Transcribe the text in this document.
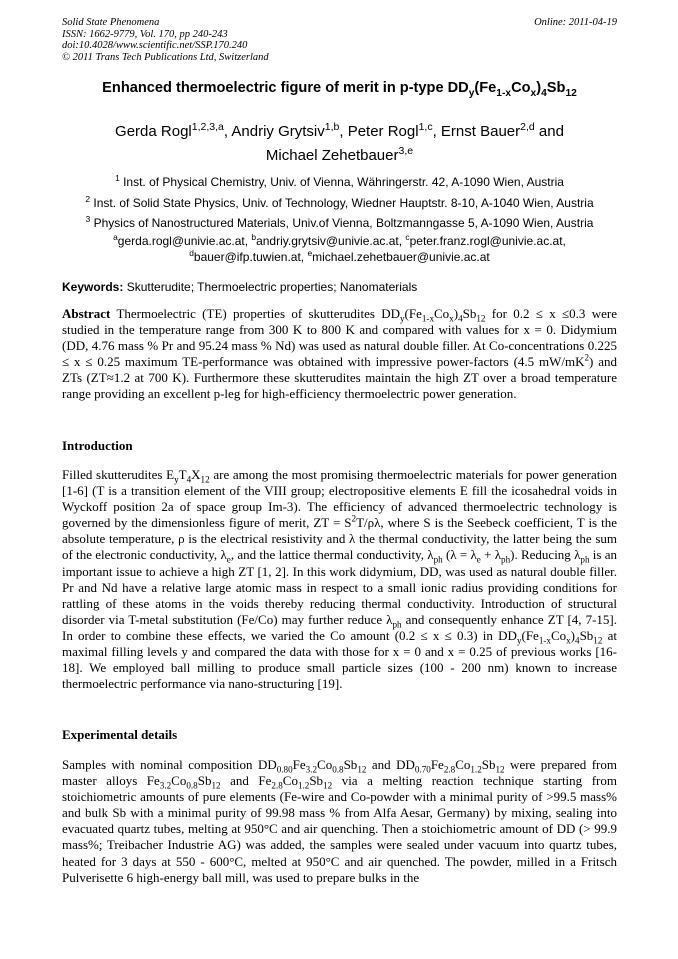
Solid State Phenomena
ISSN: 1662-9779, Vol. 170, pp 240-243
doi:10.4028/www.scientific.net/SSP.170.240
© 2011 Trans Tech Publications Ltd, Switzerland
Online: 2011-04-19
Enhanced thermoelectric figure of merit in p-type $DD_y(Fe_{1-x}Co_x)_4Sb_{12}$
Gerda Rogl$^{1,2,3,a}$, Andriy Grytsiv$^{1,b}$, Peter Rogl$^{1,c}$, Ernst Bauer$^{2,d}$ and
Michael Zehetbauer$^{3,e}$
$^1$ Inst. of Physical Chemistry, Univ. of Vienna, Währingerstr. 42, A-1090 Wien, Austria
$^2$ Inst. of Solid State Physics, Univ. of Technology, Wiedner Hauptstr. 8-10, A-1040 Wien, Austria
$^3$ Physics of Nanostructured Materials, Univ.of Vienna, Boltzmanngasse 5, A-1090 Wien, Austria
$^a$gerda.rogl@univie.ac.at, $^b$andriy.grytsiv@univie.ac.at, $^c$peter.franz.rogl@univie.ac.at,
$^d$bauer@ifp.tuwien.at, $^e$michael.zehetbauer@univie.ac.at
Keywords: Skutterudite; Thermoelectric properties; Nanomaterials
Abstract Thermoelectric (TE) properties of skutterudites $DD_y(Fe_{1-x}Co_x)_4Sb_{12}$ for 0.2 ≤ x ≤0.3 were studied in the temperature range from 300 K to 800 K and compared with values for x = 0. Didymium (DD, 4.76 mass % Pr and 95.24 mass % Nd) was used as natural double filler. At Co-concentrations 0.225 ≤ x ≤ 0.25 maximum TE-performance was obtained with impressive power-factors (4.5 $mW/mK^2$) and ZTs (ZT≈1.2 at 700 K). Furthermore these skutterudites maintain the high ZT over a broad temperature range providing an excellent p-leg for high-efficiency thermoelectric power generation.
Introduction
Filled skutterudites $E_yT_4X_{12}$ are among the most promising thermoelectric materials for power generation [1-6] (T is a transition element of the VIII group; electropositive elements E fill the icosahedral voids in Wyckoff position 2a of space group Im-3). The efficiency of advanced thermoelectric technology is governed by the dimensionless figure of merit, ZT = $S^2T/\rho\lambda$, where S is the Seebeck coefficient, T is the absolute temperature, ρ is the electrical resistivity and λ the thermal conductivity, the latter being the sum of the electronic conductivity, $\lambda_e$, and the lattice thermal conductivity, $\lambda_{ph}$ $(\lambda = \lambda_e + \lambda_{ph})$. Reducing $\lambda_{ph}$ is an important issue to achieve a high ZT [1, 2]. In this work didymium, DD, was used as natural double filler. Pr and Nd have a relative large atomic mass in respect to a small ionic radius providing conditions for rattling of these atoms in the voids thereby reducing thermal conductivity. Introduction of structural disorder via T-metal substitution (Fe/Co) may further reduce $\lambda_{ph}$ and consequently enhance ZT [4, 7-15]. In order to combine these effects, we varied the Co amount (0.2 ≤ x ≤ 0.3) in $DD_y(Fe_{1-x}Co_x)_4Sb_{12}$ at maximal filling levels y and compared the data with those for x = 0 and x = 0.25 of previous works [16-18]. We employed ball milling to produce small particle sizes (100 - 200 nm) known to increase thermoelectric performance via nano-structuring [19].
Experimental details
Samples with nominal composition $DD_{0.80}Fe_{3.2}Co_{0.8}Sb_{12}$ and $DD_{0.70}Fe_{2.8}Co_{1.2}Sb_{12}$ were prepared from master alloys $Fe_{3.2}Co_{0.8}Sb_{12}$ and $Fe_{2.8}Co_{1.2}Sb_{12}$ via a melting reaction technique starting from stoichiometric amounts of pure elements (Fe-wire and Co-powder with a minimal purity of >99.5 mass% and bulk Sb with a minimal purity of 99.98 mass % from Alfa Aesar, Germany) by mixing, sealing into evacuated quartz tubes, melting at 950°C and air quenching. Then a stoichiometric amount of DD (> 99.9 mass%; Treibacher Industrie AG) was added, the samples were sealed under vacuum into quartz tubes, heated for 3 days at 550 - 600°C, melted at 950°C and air quenched. The powder, milled in a Fritsch Pulverisette 6 high-energy ball mill, was used to prepare bulks in the
